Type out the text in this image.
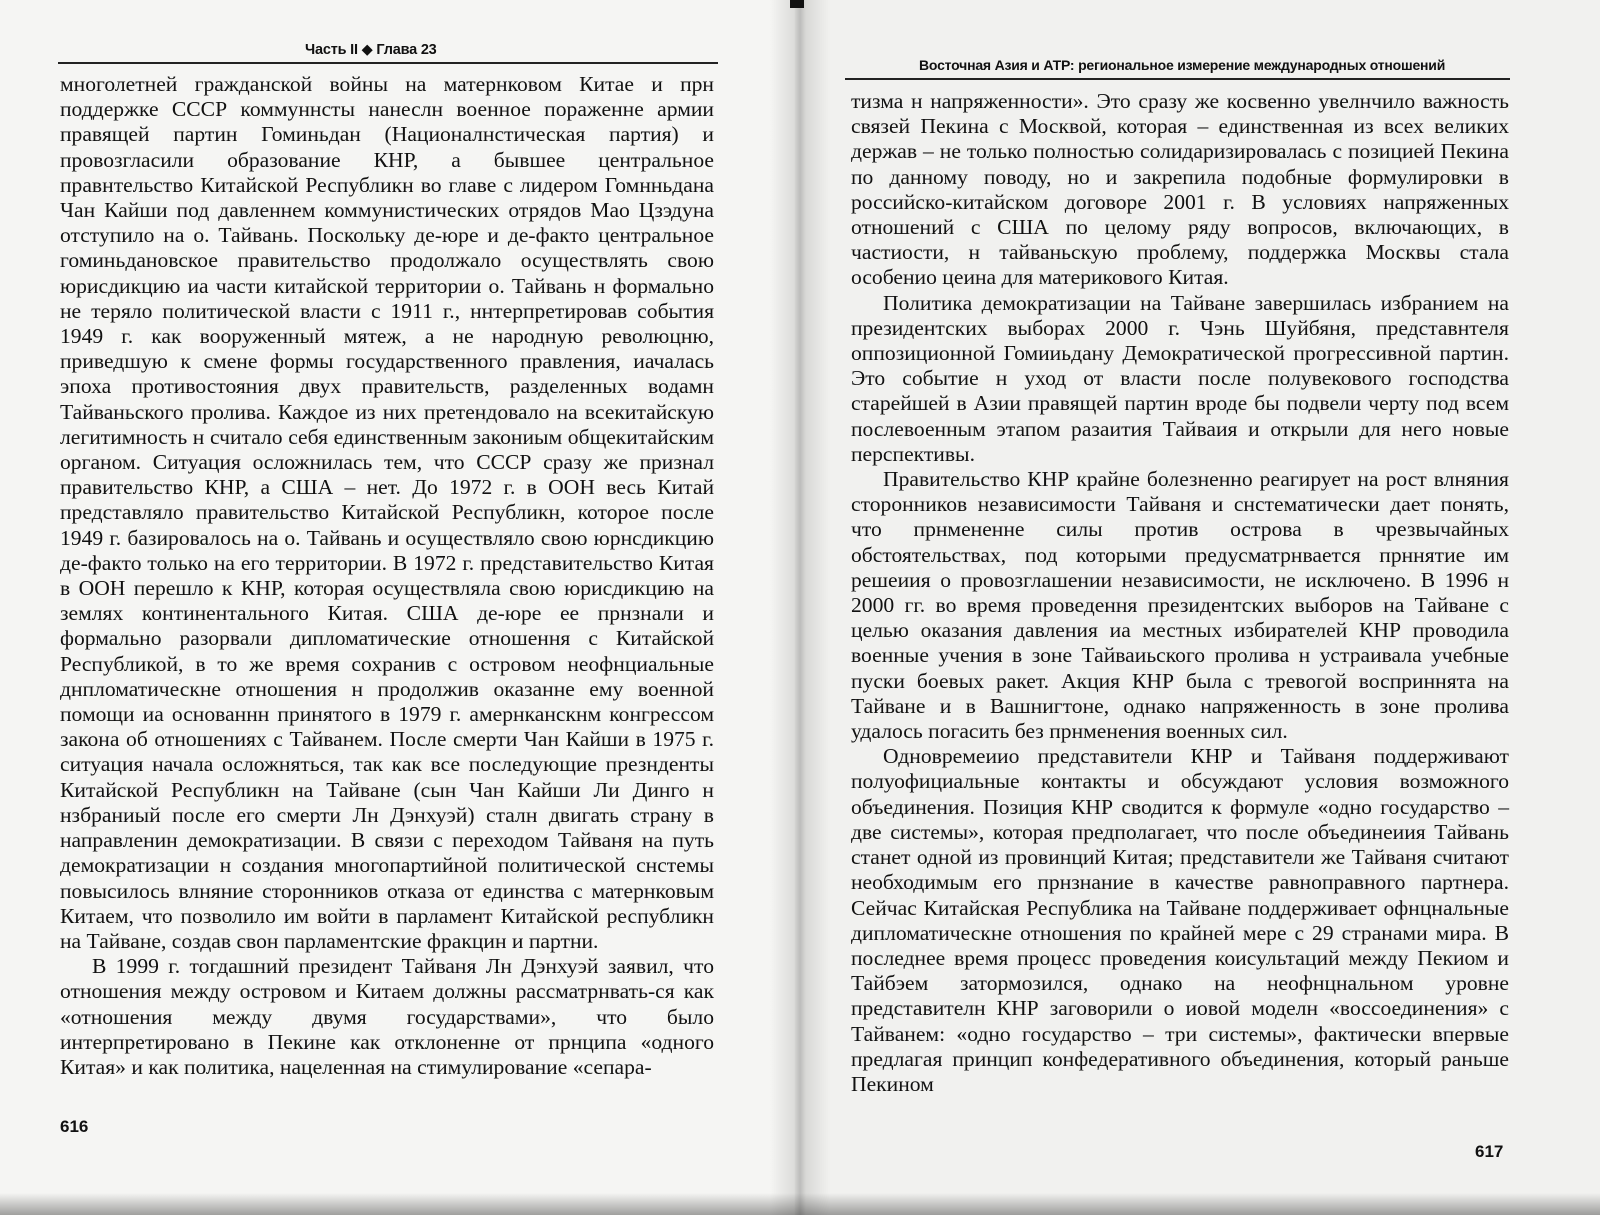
Часть II ◆ Глава 23

многолетней гражданской войны на матернковом Китае и прн поддержке СССР коммуннсты нанеслн военное пораженне армии правящей партин Гоминьдан (Националнстическая партия) и провозгласили образование КНР, а бывшее центральное правнтельство Китайской Республикн во главе с лидером Гомнньдана Чан Кайши под давленнем коммунистических отрядов Мао Цзэдуна отступило на о. Тайвань. Поскольку де-юре и де-факто центральное гоминьдановское правительство продолжало осуществлять свою юрисдикцию иа части китайской территории о. Тайвань н формально не теряло политической власти с 1911 г., ннтерпретировав события 1949 г. как вооруженный мятеж, а не народную революцню, приведшую к смене формы государственного правления, иачалась эпоха противостояния двух правительств, разделенных водамн Тайваньского пролива. Каждое из них претендовало на всекитайскую легитимность н считало себя единственным закониым общекитайским органом. Ситуация осложнилась тем, что СССР сразу же признал правительство КНР, а США – нет. До 1972 г. в ООН весь Китай представляло правительство Китайской Республикн, которое после 1949 г. базировалось на о. Тайвань и осуществляло свою юрнсдикцию де-факто только на его территории. В 1972 г. представительство Китая в ООН перешло к КНР, которая осуществляла свою юрисдикцию на землях континентального Китая. США де-юре ее прнзнали и формально разорвали дипломатические отношення с Китайской Республикой, в то же время сохранив с островом неофнциальные днпломатическне отношения н продолжив оказанне ему военной помощи иа основаннн принятого в 1979 г. амернканскнм конгрессом закона об отношениях с Тайванем. После смерти Чан Кайши в 1975 г. ситуация начала осложняться, так как все последующие презнденты Китайской Республикн на Тайване (сын Чан Кайши Ли Динго н нзбраниый после его смерти Лн Дэнхуэй) сталн двигать страну в направленин демократизации. В связи с переходом Тайваня на путь демократизации н создания многопартийной политической снстемы повысилось влняние сторонников отказа от единства с матернковым Китаем, что позволило им войти в парламент Китайской республикн на Тайване, создав свон парламентские фракцин и партни.

В 1999 г. тогдашний президент Тайваня Лн Дэнхуэй заявил, что отношения между островом и Китаем должны рассматрнвать-ся как «отношения между двумя государствами», что было интерпретировано в Пекине как отклоненне от прнципа «одного Китая» и как политика, нацеленная на стимулирование «сепара-

616
Восточная Азия и АТР: региональное измерение международных отношений

тизма н напряженности». Это сразу же косвенно увелнчило важность связей Пекина с Москвой, которая – единственная из всех великих держав – не только полностью солидаризировалась с позицией Пекина по данному поводу, но и закрепила подобные формулировки в российско-китайском договоре 2001 г. В условиях напряженных отношений с США по целому ряду вопросов, включающих, в частиости, н тайваньскую проблему, поддержка Москвы стала особенио цеина для материкового Китая.

Политика демократизации на Тайване завершилась избранием на президентских выборах 2000 г. Чэнь Шуйбяня, представнтеля оппозиционной Гомииьдану Демократической прогрессивной партин. Это событие н уход от власти после полувекового господства старейшей в Азии правящей партин вроде бы подвели черту под всем послевоенным этапом разаития Тайваия и открыли для него новые перспективы.

Правительство КНР крайне болезненно реагирует на рост влняния сторонников независимости Тайваня и снстематически дает понять, что прнмененне силы против острова в чрезвычайных обстоятельствах, под которыми предусматрнвается прннятие им решеиия о провозглашении независимости, не исключено. В 1996 н 2000 гг. во время проведення президентских выборов на Тайване с целью оказания давления иа местных избирателей КНР проводила военные учения в зоне Тайваиьского пролива н устраивала учебные пуски боевых ракет. Акция КНР была с тревогой восприннята на Тайване и в Вашнигтоне, однако напряженность в зоне пролива удалось погасить без прнменения военных сил.

Одновремеиио представители КНР и Тайваня поддерживают полуофициальные контакты и обсуждают условия возможного объединения. Позиция КНР сводится к формуле «одно государство – две системы», которая предполагает, что после объединеиия Тайвань станет одной из провинций Китая; представители же Тайваня считают необходимым его прнзнание в качестве равноправного партнера. Сейчас Китайская Республика на Тайване поддерживает офнцнальные дипломатическне отношения по крайней мере с 29 странами мира. В последнее время процесс проведения коисультаций между Пекиом и Тайбэем затормозился, однако на неофнцнальном уровне представителн КНР заговорили о иовой моделн «воссоединения» с Тайванем: «одно государство – три системы», фактически впервые предлагая принцип конфедеративного объединения, который раньше Пекином

617
